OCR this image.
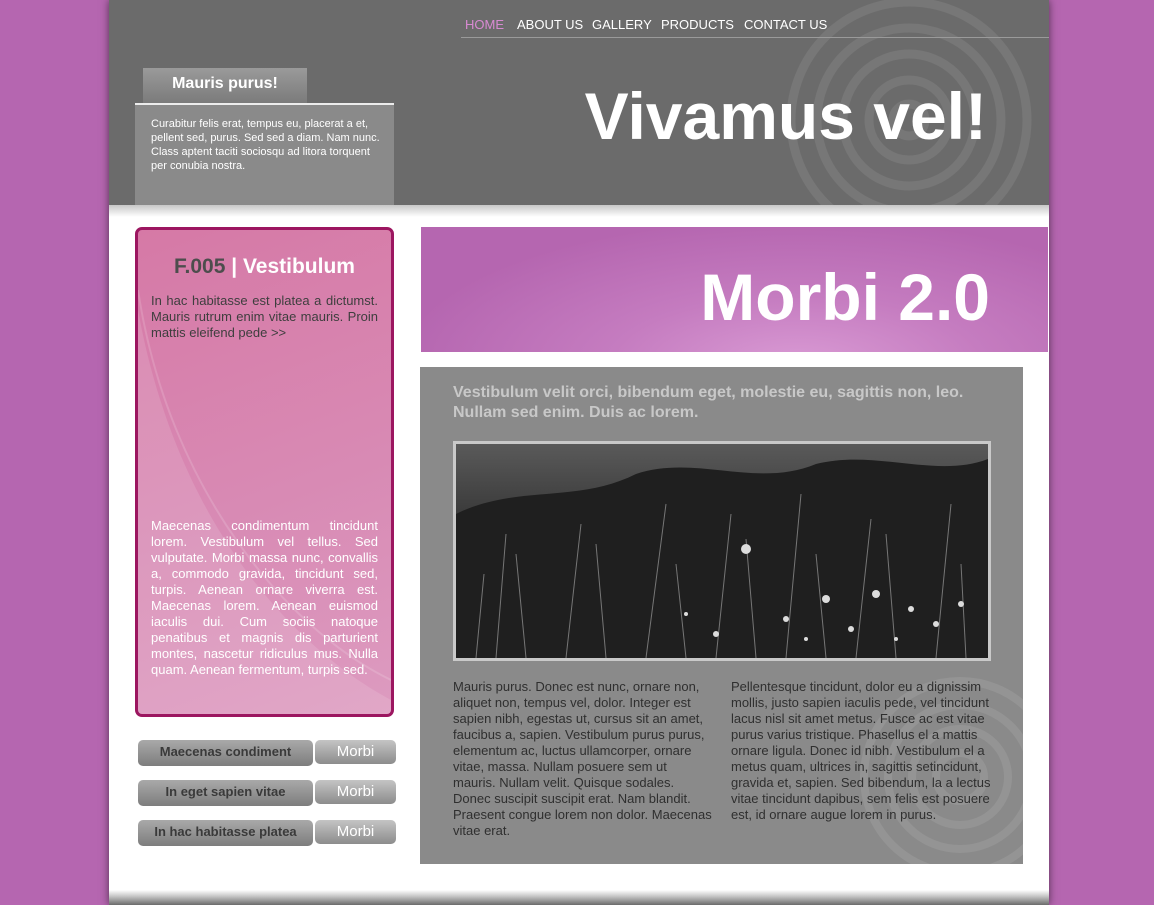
HOME ABOUT US GALLERY PRODUCTS CONTACT US
Mauris purus!
Curabitur felis erat, tempus eu, placerat a et, pellent sed, purus. Sed sed a diam. Nam nunc. Class aptent taciti sociosqu ad litora torquent per conubia nostra.
Vivamus vel!
F.005 | Vestibulum
In hac habitasse est platea a dictumst. Mauris rutrum enim vitae mauris. Proin mattis eleifend pede >>
Maecenas condimentum tincidunt lorem. Vestibulum vel tellus. Sed vulputate. Morbi massa nunc, convallis a, commodo gravida, tincidunt sed, turpis. Aenean ornare viverra est. Maecenas lorem. Aenean euismod iaculis dui. Cum sociis natoque penatibus et magnis dis parturient montes, nascetur ridiculus mus. Nulla quam. Aenean fermentum, turpis sed.
Maecenas condiment	Morbi
In eget sapien vitae	Morbi
In hac habitasse platea	Morbi
Morbi 2.0
Vestibulum velit orci, bibendum eget, molestie eu, sagittis non, leo. Nullam sed enim. Duis ac lorem.
Mauris purus. Donec est nunc, ornare non, aliquet non, tempus vel, dolor. Integer est sapien nibh, egestas ut, cursus sit an amet, faucibus a, sapien. Vestibulum purus purus, elementum ac, luctus ullamcorper, ornare vitae, massa. Nullam posuere sem ut mauris. Nullam velit. Quisque sodales. Donec suscipit suscipit erat. Nam blandit. Praesent congue lorem non dolor. Maecenas vitae erat.
Pellentesque tincidunt, dolor eu a dignissim mollis, justo sapien iaculis pede, vel tincidunt lacus nisl sit amet metus. Fusce ac est vitae purus varius tristique. Phasellus el a mattis ornare ligula. Donec id nibh. Vestibulum el a metus quam, ultrices in, sagittis setincidunt, gravida et, sapien. Sed bibendum, la a lectus vitae tincidunt dapibus, sem felis est posuere est, id ornare augue lorem in purus.
